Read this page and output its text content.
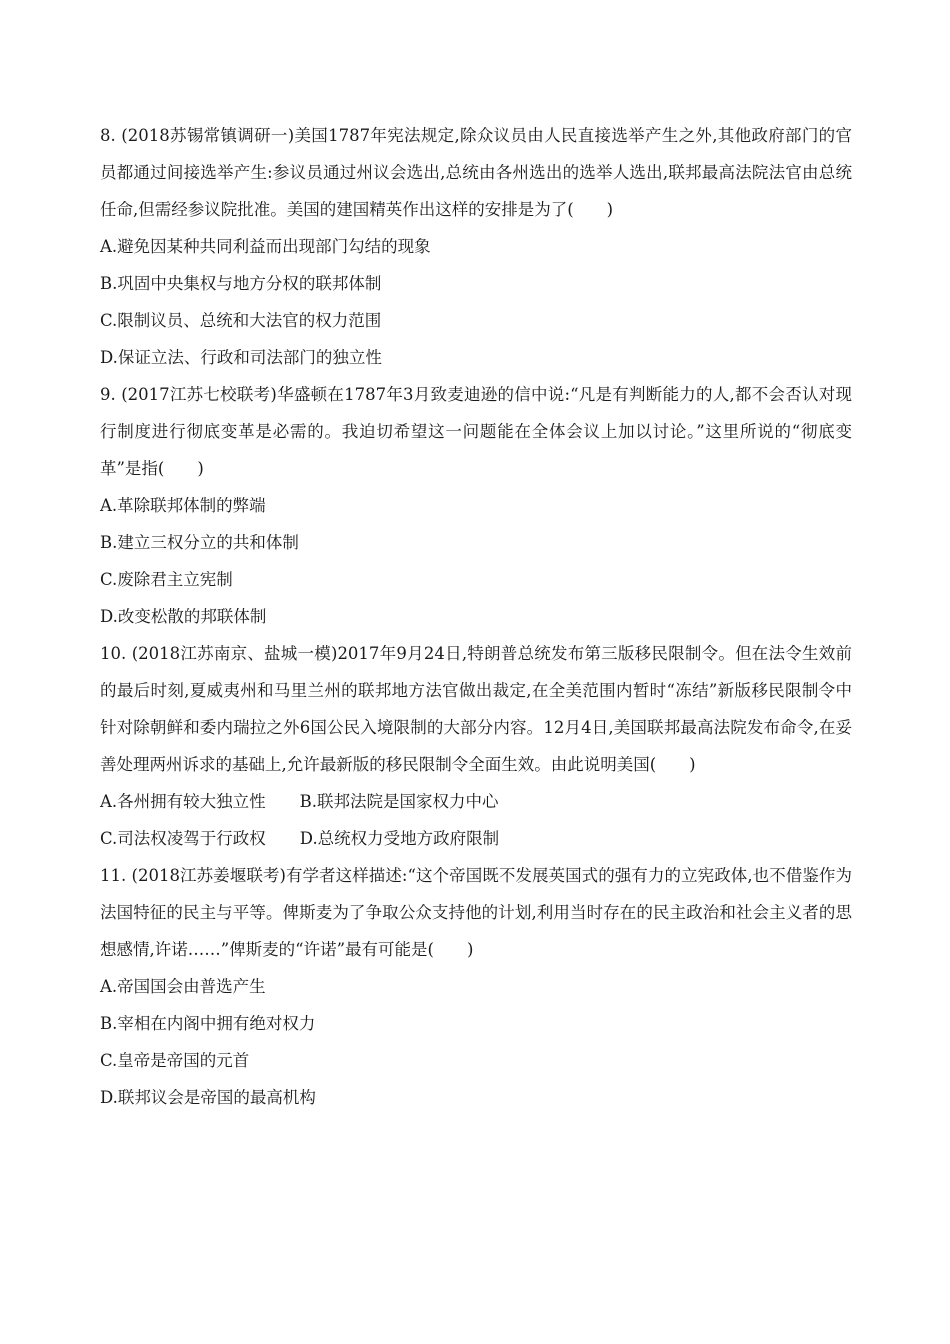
8. (2018苏锡常镇调研一)美国1787年宪法规定,除众议员由人民直接选举产生之外,其他政府部门的官员都通过间接选举产生:参议员通过州议会选出,总统由各州选出的选举人选出,联邦最高法院法官由总统任命,但需经参议院批准。美国的建国精英作出这样的安排是为了(　　)

A.避免因某种共同利益而出现部门勾结的现象

B.巩固中央集权与地方分权的联邦体制

C.限制议员、总统和大法官的权力范围

D.保证立法、行政和司法部门的独立性

9. (2017江苏七校联考)华盛顿在1787年3月致麦迪逊的信中说:“凡是有判断能力的人,都不会否认对现行制度进行彻底变革是必需的。我迫切希望这一问题能在全体会议上加以讨论。”这里所说的“彻底变革”是指(　　)

A.革除联邦体制的弊端

B.建立三权分立的共和体制

C.废除君主立宪制

D.改变松散的邦联体制

10. (2018江苏南京、盐城一模)2017年9月24日,特朗普总统发布第三版移民限制令。但在法令生效前的最后时刻,夏威夷州和马里兰州的联邦地方法官做出裁定,在全美范围内暂时“冻结”新版移民限制令中针对除朝鲜和委内瑞拉之外6国公民入境限制的大部分内容。12月4日,美国联邦最高法院发布命令,在妥善处理两州诉求的基础上,允许最新版的移民限制令全面生效。由此说明美国(　　)

A.各州拥有较大独立性 B.联邦法院是国家权力中心
C.司法权凌驾于行政权 D.总统权力受地方政府限制

11. (2018江苏姜堰联考)有学者这样描述:“这个帝国既不发展英国式的强有力的立宪政体,也不借鉴作为法国特征的民主与平等。俾斯麦为了争取公众支持他的计划,利用当时存在的民主政治和社会主义者的思想感情,许诺……”俾斯麦的“许诺”最有可能是(　　)

A.帝国国会由普选产生

B.宰相在内阁中拥有绝对权力

C.皇帝是帝国的元首

D.联邦议会是帝国的最高机构
